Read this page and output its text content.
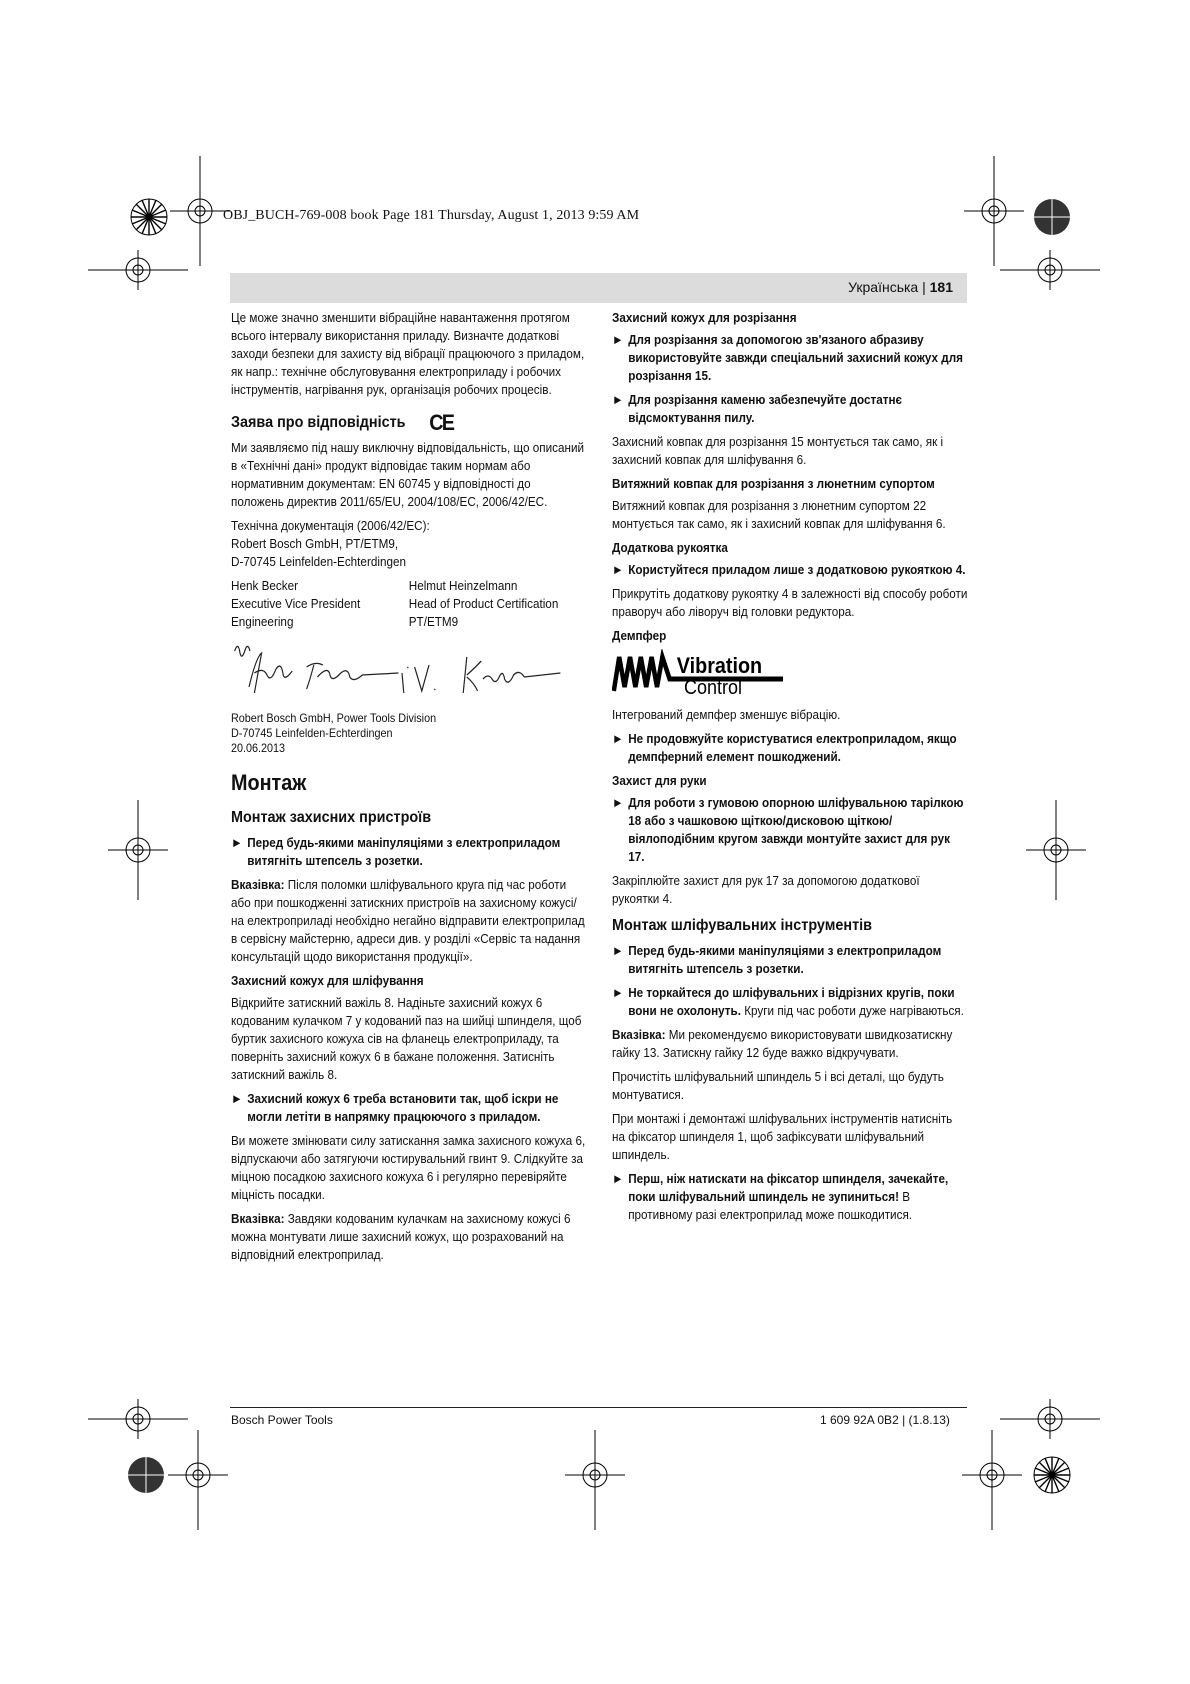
OBJ_BUCH-769-008 book Page 181 Thursday, August 1, 2013 9:59 AM
Українська | 181

Це може значно зменшити вібраційне навантаження протягом всього інтервалу використання приладу. Визначте додаткові заходи безпеки для захисту від вібрації працюючого з приладом, як напр.: технічне обслуговування електроприладу і робочих інструментів, нагрівання рук, організація робочих процесів.

Заява про відповідність CE

Ми заявляємо під нашу виключну відповідальність, що описаний в «Технічні дані» продукт відповідає таким нормам або нормативним документам: EN 60745 у відповідності до положень директив 2011/65/EU, 2004/108/EC, 2006/42/EC.

Технічна документація (2006/42/EC):
Robert Bosch GmbH, PT/ETM9,
D-70745 Leinfelden-Echterdingen

Henk Becker
Executive Vice President
Engineering
Helmut Heinzelmann
Head of Product Certification
PT/ETM9

Robert Bosch GmbH, Power Tools Division
D-70745 Leinfelden-Echterdingen
20.06.2013

Монтаж
Монтаж захисних пристроїв
► Перед будь-якими маніпуляціями з електроприладом витягніть штепсель з розетки.

Вказівка: Після поломки шліфувального круга під час роботи або при пошкодженні затискних пристроїв на захисному кожусі/на електроприладі необхідно негайно відправити електроприлад в сервісну майстерню, адреси див. у розділі «Сервіс та надання консультацій щодо використання продукції».

Захисний кожух для шліфування

Відкрийте затискний важіль 8. Надіньте захисний кожух 6 кодованим кулачком 7 у кодований паз на шийці шпинделя, щоб буртик захисного кожуха сів на фланець електроприладу, та поверніть захисний кожух 6 в бажане положення. Затисніть затискний важіль 8.

► Захисний кожух 6 треба встановити так, щоб іскри не могли летіти в напрямку працюючого з приладом.

Ви можете змінювати силу затискання замка захисного кожуха 6, відпускаючи або затягуючи юстирувальний гвинт 9. Слідкуйте за міцною посадкою захисного кожуха 6 і регулярно перевіряйте міцність посадки.

Вказівка: Завдяки кодованим кулачкам на захисному кожусі 6 можна монтувати лише захисний кожух, що розрахований на відповідний електроприлад.

Захисний кожух для розрізання
► Для розрізання за допомогою зв'язаного абразиву використовуйте завжди спеціальний захисний кожух для розрізання 15.
► Для розрізання каменю забезпечуйте достатнє відсмоктування пилу.

Захисний ковпак для розрізання 15 монтується так само, як і захисний ковпак для шліфування 6.

Витяжний ковпак для розрізання з люнетним супортом

Витяжний ковпак для розрізання з люнетним супортом 22 монтується так само, як і захисний ковпак для шліфування 6.

Додаткова рукоятка
► Користуйтеся приладом лише з додатковою рукояткою 4.

Прикрутіть додаткову рукоятку 4 в залежності від способу роботи праворуч або ліворуч від головки редуктора.

Демпфер
Vibration
Control

Інтегрований демпфер зменшує вібрацію.

► Не продовжуйте користуватися електроприладом, якщо демпферний елемент пошкоджений.
Захист для руки
► Для роботи з гумовою опорною шліфувальною тарілкою 18 або з чашковою щіткою/дисковою щіткою/віялоподібним кругом завжди монтуйте захист для рук 17.

Закріплюйте захист для рук 17 за допомогою додаткової рукоятки 4.

Монтаж шліфувальних інструментів
► Перед будь-якими маніпуляціями з електроприладом витягніть штепсель з розетки.
► Не торкайтеся до шліфувальних і відрізних кругів, поки вони не охолонуть. Круги під час роботи дуже нагріваються.

Вказівка: Ми рекомендуємо використовувати швидкозатискну гайку 13. Затискну гайку 12 буде важко відкручувати.

Прочистіть шліфувальний шпиндель 5 і всі деталі, що будуть монтуватися.

При монтажі і демонтажі шліфувальних інструментів натисніть на фіксатор шпинделя 1, щоб зафіксувати шліфувальний шпиндель.

► Перш, ніж натискати на фіксатор шпинделя, зачекайте, поки шліфувальний шпиндель не зупиниться! В противному разі електроприлад може пошкодитися.
Bosch Power Tools	1 609 92A 0B2 | (1.8.13)
